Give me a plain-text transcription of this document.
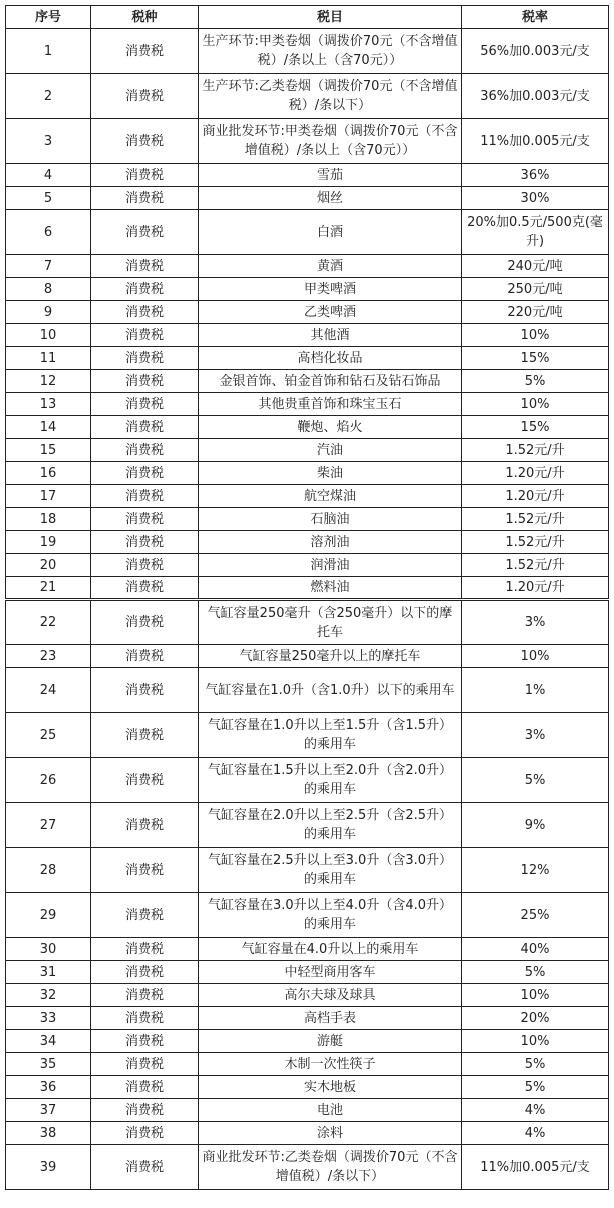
序号	税种	税目	税率
1	消费税	生产环节:甲类卷烟（调拨价70元（不含增值税）/条以上（含70元））	56%加0.003元/支
2	消费税	生产环节:乙类卷烟（调拨价70元（不含增值税）/条以下）	36%加0.003元/支
3	消费税	商业批发环节:甲类卷烟（调拨价70元（不含增值税）/条以上（含70元））	11%加0.005元/支
4	消费税	雪茄	36%
5	消费税	烟丝	30%
6	消费税	白酒	20%加0.5元/500克(毫升)
7	消费税	黄酒	240元/吨
8	消费税	甲类啤酒	250元/吨
9	消费税	乙类啤酒	220元/吨
10	消费税	其他酒	10%
11	消费税	高档化妆品	15%
12	消费税	金银首饰、铂金首饰和钻石及钻石饰品	5%
13	消费税	其他贵重首饰和珠宝玉石	10%
14	消费税	鞭炮、焰火	15%
15	消费税	汽油	1.52元/升
16	消费税	柴油	1.20元/升
17	消费税	航空煤油	1.20元/升
18	消费税	石脑油	1.52元/升
19	消费税	溶剂油	1.52元/升
20	消费税	润滑油	1.52元/升
21	消费税	燃料油	1.20元/升
22	消费税	气缸容量250毫升（含250毫升）以下的摩托车	3%
23	消费税	气缸容量250毫升以上的摩托车	10%
24	消费税	气缸容量在1.0升（含1.0升）以下的乘用车	1%
25	消费税	气缸容量在1.0升以上至1.5升（含1.5升）的乘用车	3%
26	消费税	气缸容量在1.5升以上至2.0升（含2.0升）的乘用车	5%
27	消费税	气缸容量在2.0升以上至2.5升（含2.5升）的乘用车	9%
28	消费税	气缸容量在2.5升以上至3.0升（含3.0升）的乘用车	12%
29	消费税	气缸容量在3.0升以上至4.0升（含4.0升）的乘用车	25%
30	消费税	气缸容量在4.0升以上的乘用车	40%
31	消费税	中轻型商用客车	5%
32	消费税	高尔夫球及球具	10%
33	消费税	高档手表	20%
34	消费税	游艇	10%
35	消费税	木制一次性筷子	5%
36	消费税	实木地板	5%
37	消费税	电池	4%
38	消费税	涂料	4%
39	消费税	商业批发环节:乙类卷烟（调拨价70元（不含增值税）/条以下）	11%加0.005元/支
